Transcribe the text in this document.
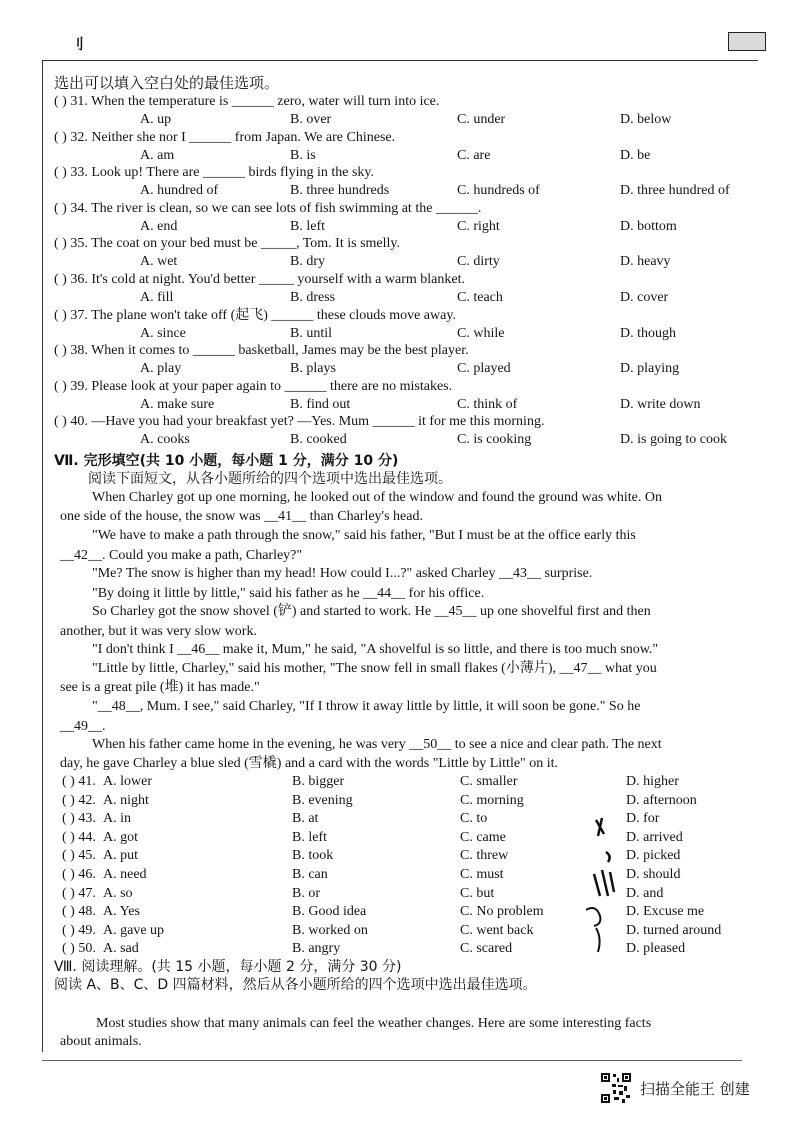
刂
选出可以填入空白处的最佳选项。
( ) 31. When the temperature is ______ zero, water will turn into ice.
A. up	B. over	C. under	D. below
( ) 32. Neither she nor I ______ from Japan. We are Chinese.
A. am	B. is	C. are	D. be
( ) 33. Look up! There are ______ birds flying in the sky.
A. hundred of	B. three hundreds	C. hundreds of	D. three hundred of
( ) 34. The river is clean, so we can see lots of fish swimming at the ______.
A. end	B. left	C. right	D. bottom
( ) 35. The coat on your bed must be _____, Tom. It is smelly.
A. wet	B. dry	C. dirty	D. heavy
( ) 36. It's cold at night. You'd better _____ yourself with a warm blanket.
A. fill	B. dress	C. teach	D. cover
( ) 37. The plane won't take off (起飞) ______ these clouds move away.
A. since	B. until	C. while	D. though
( ) 38. When it comes to ______ basketball, James may be the best player.
A. play	B. plays	C. played	D. playing
( ) 39. Please look at your paper again to ______ there are no mistakes.
A. make sure	B. find out	C. think of	D. write down
( ) 40. —Have you had your breakfast yet? —Yes. Mum ______ it for me this morning.
A. cooks	B. cooked	C. is cooking	D. is going to cook
Ⅶ. 完形填空(共 10 小题，每小题 1 分，满分 10 分)
阅读下面短文，从各小题所给的四个选项中选出最佳选项。
When Charley got up one morning, he looked out of the window and found the ground was white. On
one side of the house, the snow was __41__ than Charley's head.
"We have to make a path through the snow," said his father, "But I must be at the office early this
__42__. Could you make a path, Charley?"
"Me? The snow is higher than my head! How could I...?" asked Charley __43__ surprise.
"By doing it little by little," said his father as he __44__ for his office.
So Charley got the snow shovel (铲) and started to work. He __45__ up one shovelful first and then
another, but it was very slow work.
"I don't think I __46__ make it, Mum," he said, "A shovelful is so little, and there is too much snow."
"Little by little, Charley," said his mother, "The snow fell in small flakes (小薄片), __47__ what you
see is a great pile (堆) it has made."
"__48__, Mum. I see," said Charley, "If I throw it away little by little, it will soon be gone." So he
__49__.
When his father came home in the evening, he was very __50__ to see a nice and clear path. The next
day, he gave Charley a blue sled (雪橇) and a card with the words "Little by Little" on it.
( ) 41. A. lower	B. bigger	C. smaller	D. higher
( ) 42. A. night	B. evening	C. morning	D. afternoon
( ) 43. A. in	B. at	C. to	D. for
( ) 44. A. got	B. left	C. came	D. arrived
( ) 45. A. put	B. took	C. threw	D. picked
( ) 46. A. need	B. can	C. must	D. should
( ) 47. A. so	B. or	C. but	D. and
( ) 48. A. Yes	B. Good idea	C. No problem	D. Excuse me
( ) 49. A. gave up	B. worked on	C. went back	D. turned around
( ) 50. A. sad	B. angry	C. scared	D. pleased
Ⅷ. 阅读理解。(共 15 小题，每小题 2 分，满分 30 分)
阅读 A、B、C、D 四篇材料，然后从各小题所给的四个选项中选出最佳选项。
Most studies show that many animals can feel the weather changes. Here are some interesting facts
about animals.
扫描全能王 创建
